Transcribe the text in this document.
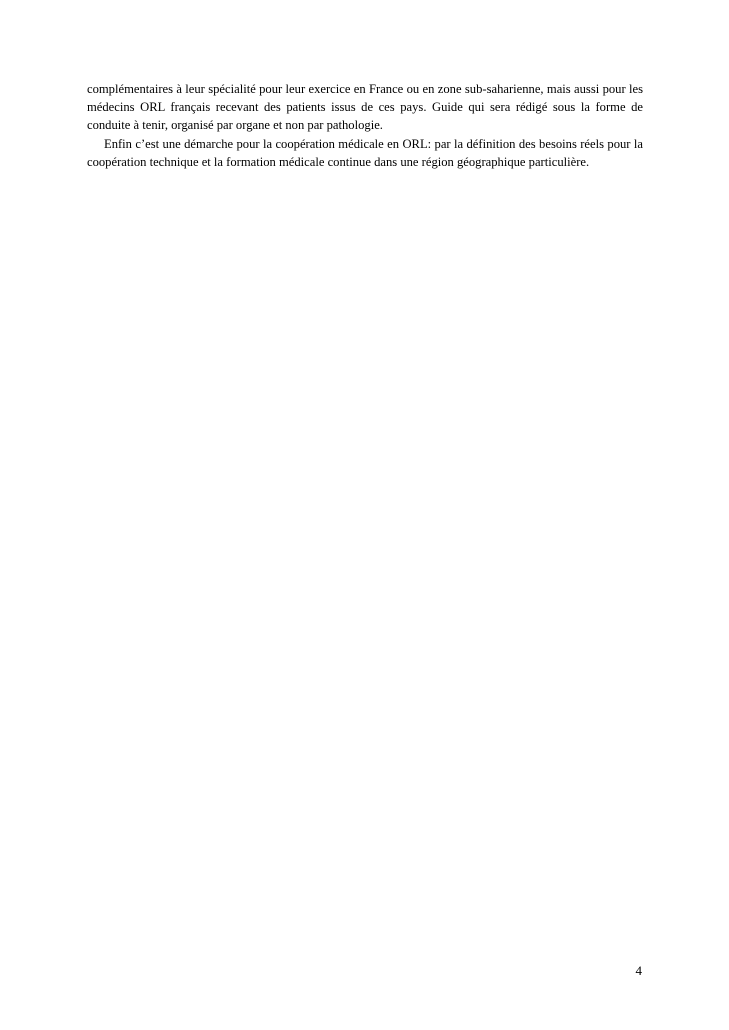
complémentaires à leur spécialité pour leur exercice en France ou en zone sub-saharienne, mais aussi pour les médecins ORL français recevant des patients issus de ces pays. Guide qui sera rédigé sous la forme de conduite à tenir, organisé par organe et non par pathologie.

Enfin c’est une démarche pour la coopération médicale en ORL: par la définition des besoins réels pour la coopération technique et la formation médicale continue dans une région géographique particulière.

4
